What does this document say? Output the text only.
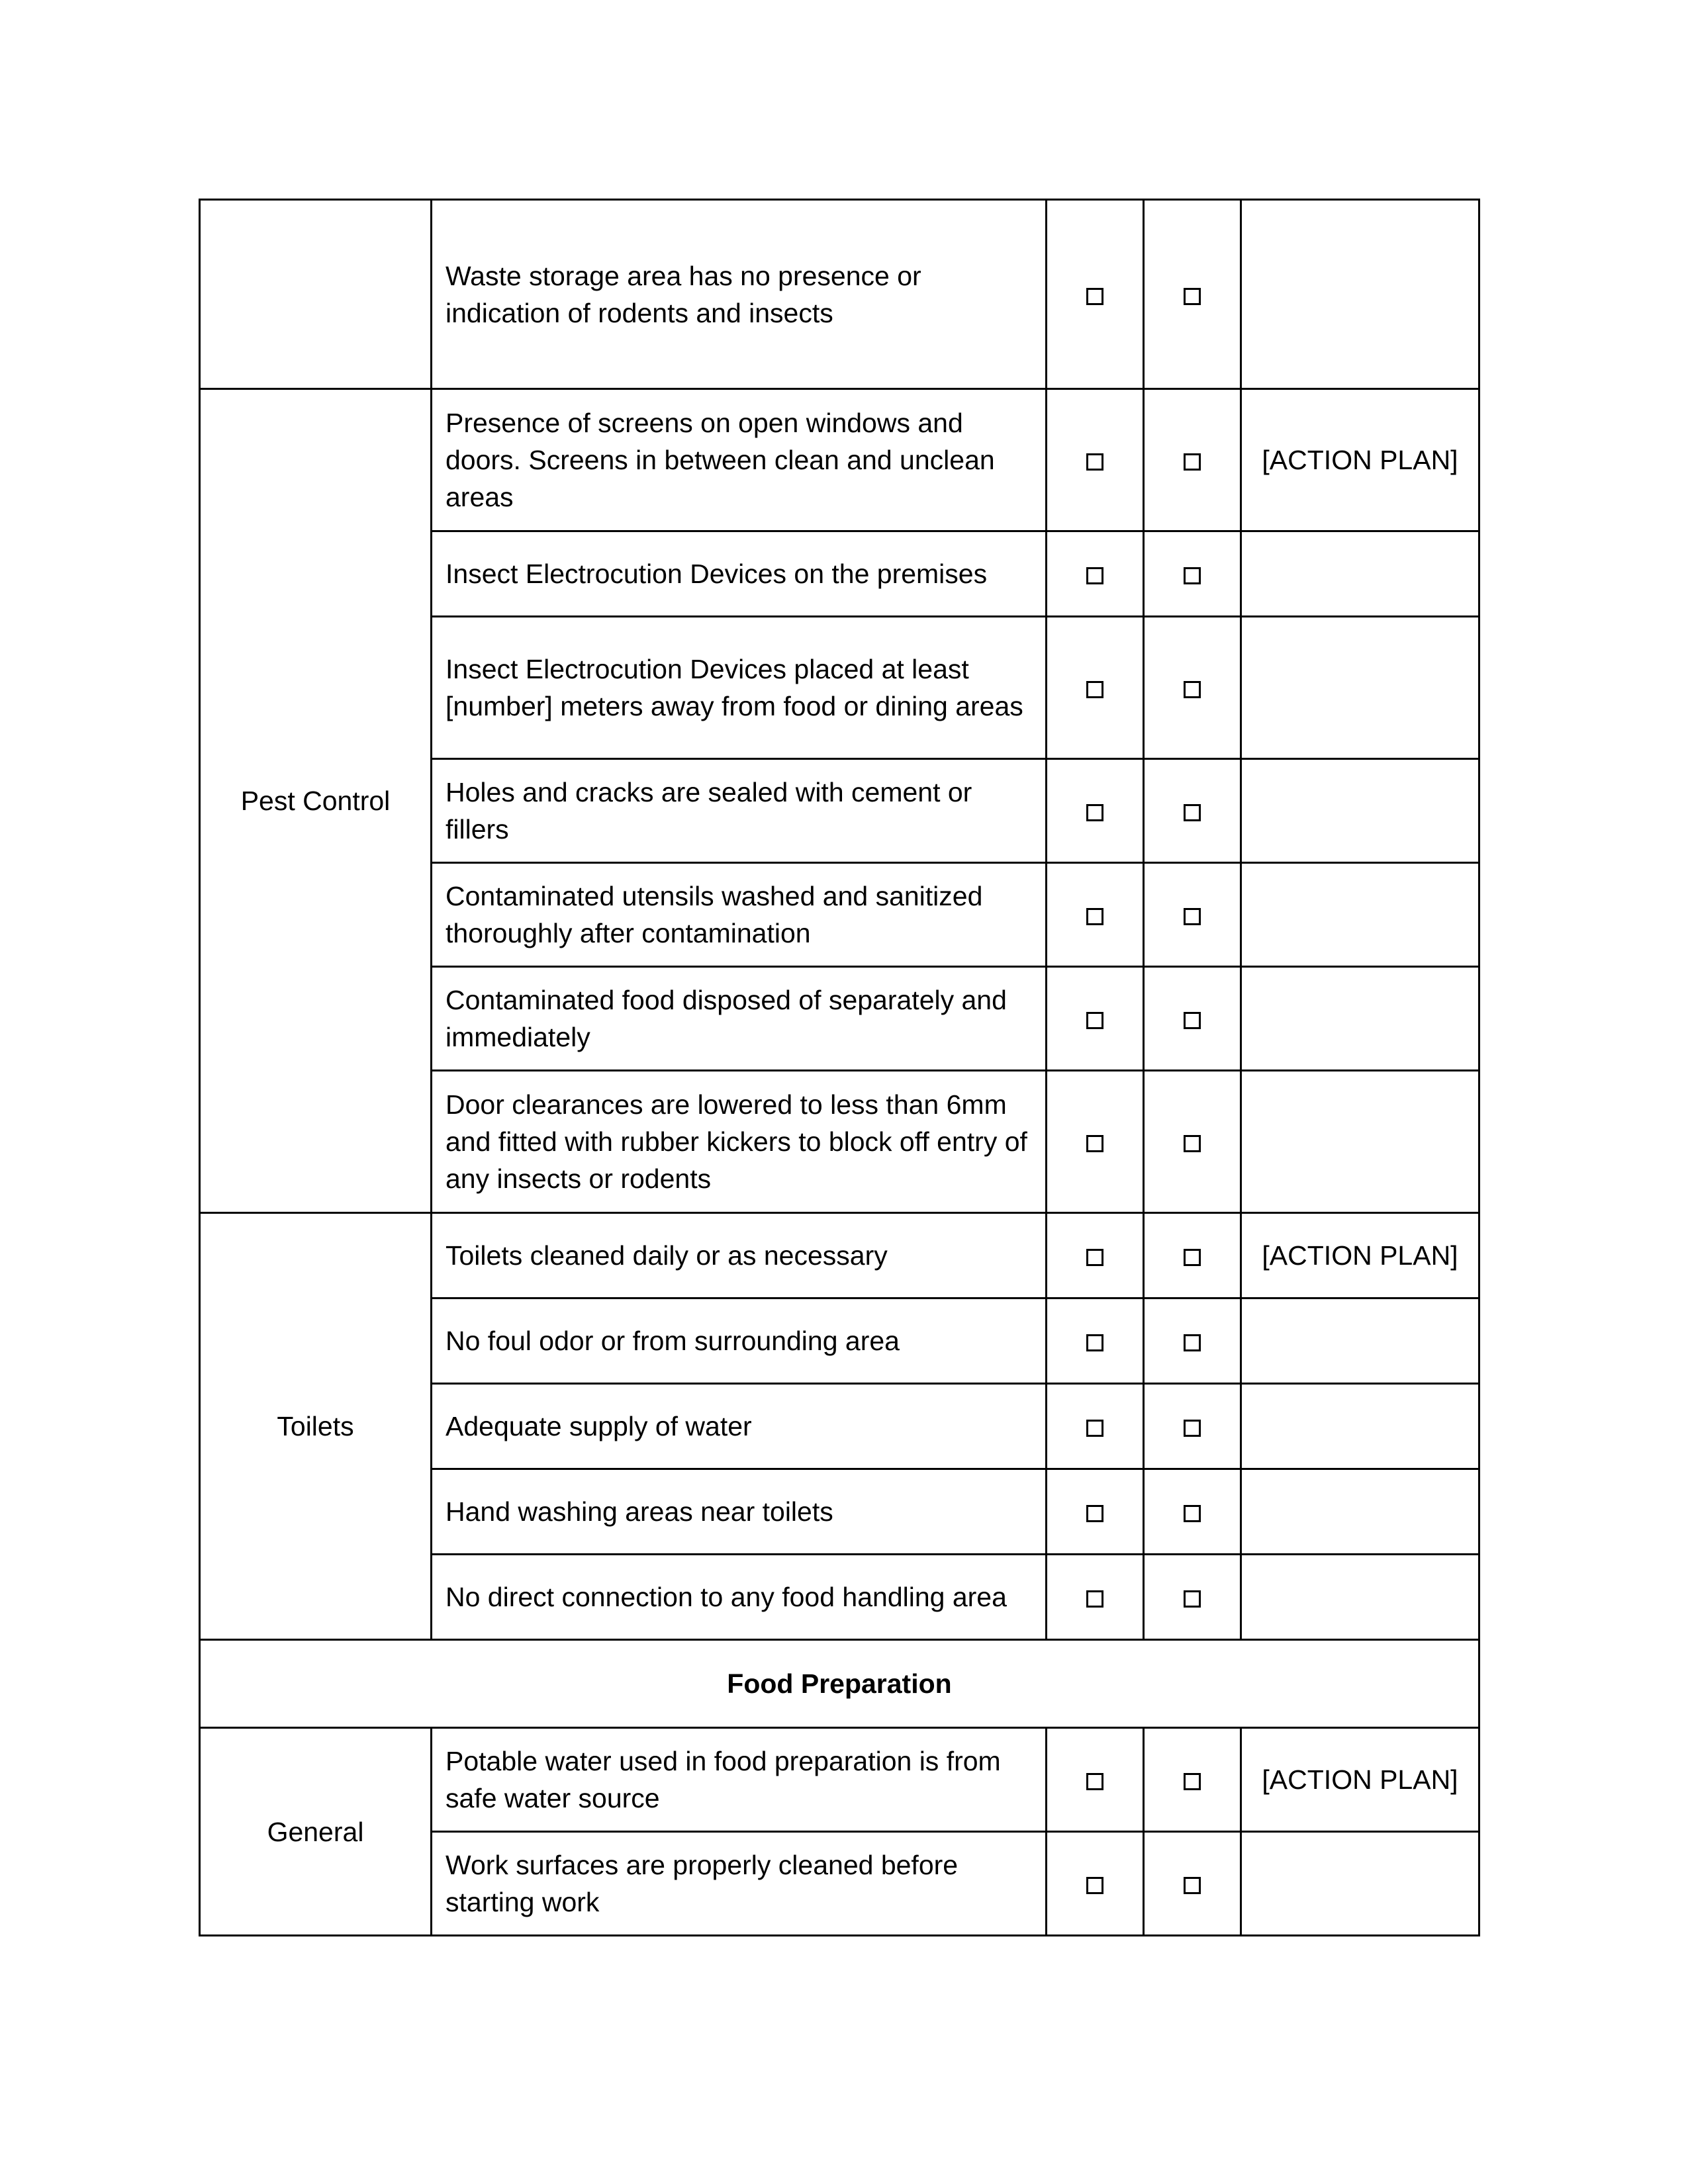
	Waste storage area has no presence or indication of rodents and insects			
Pest Control	Presence of screens on open windows and doors. Screens in between clean and unclean areas			[ACTION PLAN]
	Insect Electrocution Devices on the premises			
	Insect Electrocution Devices placed at least [number] meters away from food or dining areas			
	Holes and cracks are sealed with cement or fillers			
	Contaminated utensils washed and sanitized thoroughly after contamination			
	Contaminated food disposed of separately and immediately			
	Door clearances are lowered to less than 6mm and fitted with rubber kickers to block off entry of any insects or rodents			
Toilets	Toilets cleaned daily or as necessary			[ACTION PLAN]
	No foul odor or from surrounding area			
	Adequate supply of water			
	Hand washing areas near toilets			
	No direct connection to any food handling area			
Food Preparation				
General	Potable water used in food preparation is from safe water source			[ACTION PLAN]
	Work surfaces are properly cleaned before starting work			
